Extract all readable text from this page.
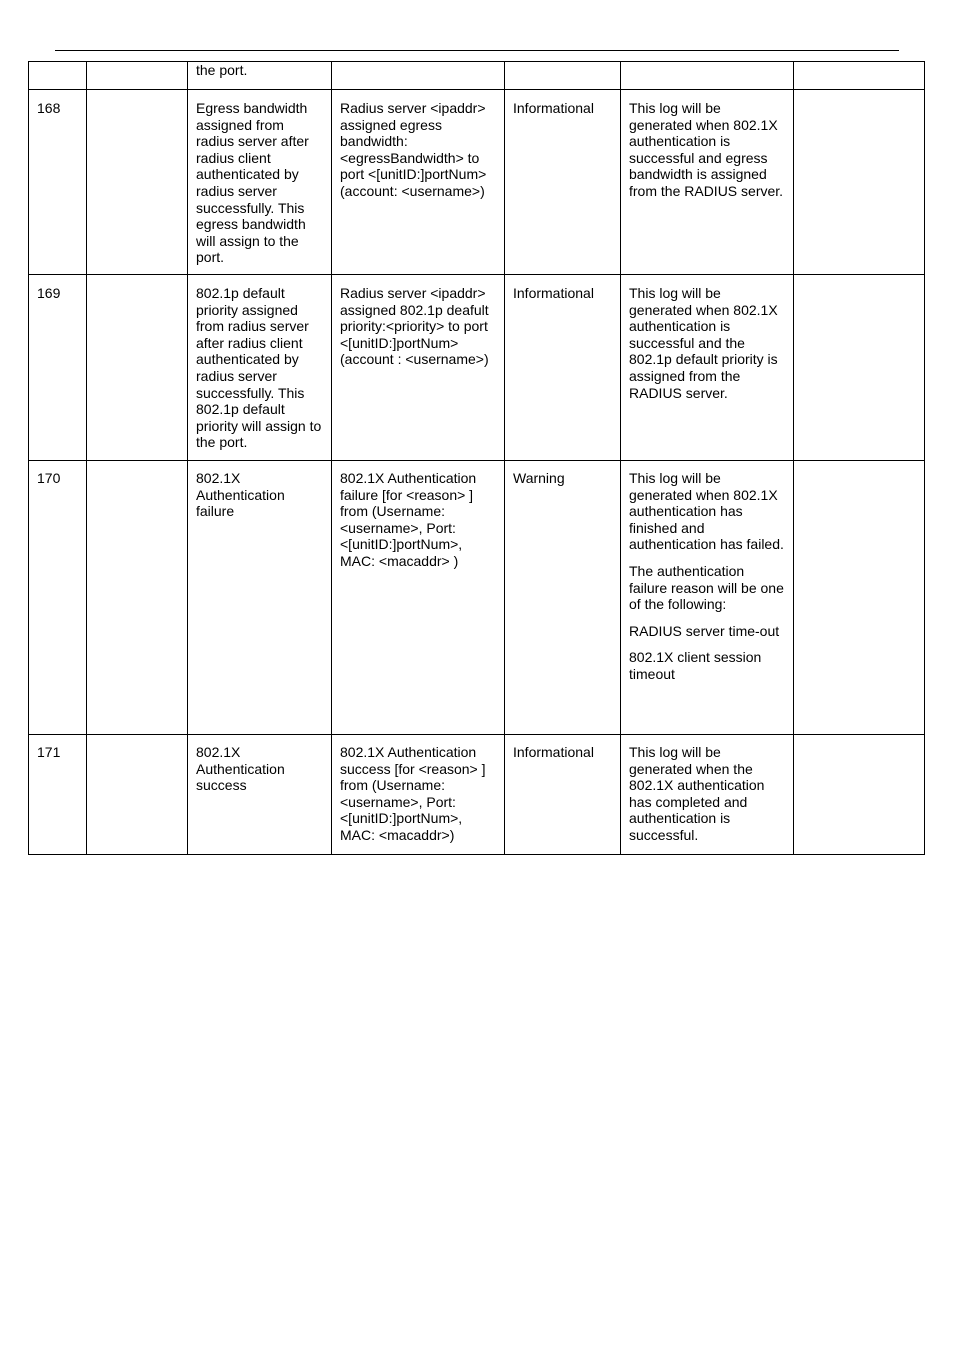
		the port.				
168		Egress bandwidth assigned from radius server after radius client authenticated by radius server successfully. This egress bandwidth will assign to the port.	Radius server <ipaddr> assigned egress bandwidth: <egressBandwidth> to port <[unitID:]portNum> (account: <username>)	Informational	This log will be generated when 802.1X authentication is successful and egress bandwidth is assigned from the RADIUS server.	

169		802.1p default priority assigned from radius server after radius client authenticated by radius server successfully. This 802.1p default priority will assign to the port.	Radius server <ipaddr> assigned 802.1p deafult priority:<priority> to port <[unitID:]portNum> (account : <username>)	Informational	This log will be generated when 802.1X authentication is successful and the 802.1p default priority is assigned from the RADIUS server.	

170		802.1X Authentication failure	802.1X Authentication failure [for <reason> ] from (Username: <username>, Port: <[unitID:]portNum>, MAC: <macaddr> )	Warning	This log will be generated when 802.1X authentication has finished and authentication has failed.

The authentication failure reason will be one of the following:

RADIUS server time-out

802.1X client session timeout	

171		802.1X Authentication success	802.1X Authentication success [for <reason> ] from (Username: <username>, Port: <[unitID:]portNum>, MAC: <macaddr>)	Informational	This log will be generated when the 802.1X authentication has completed and authentication is successful.	
